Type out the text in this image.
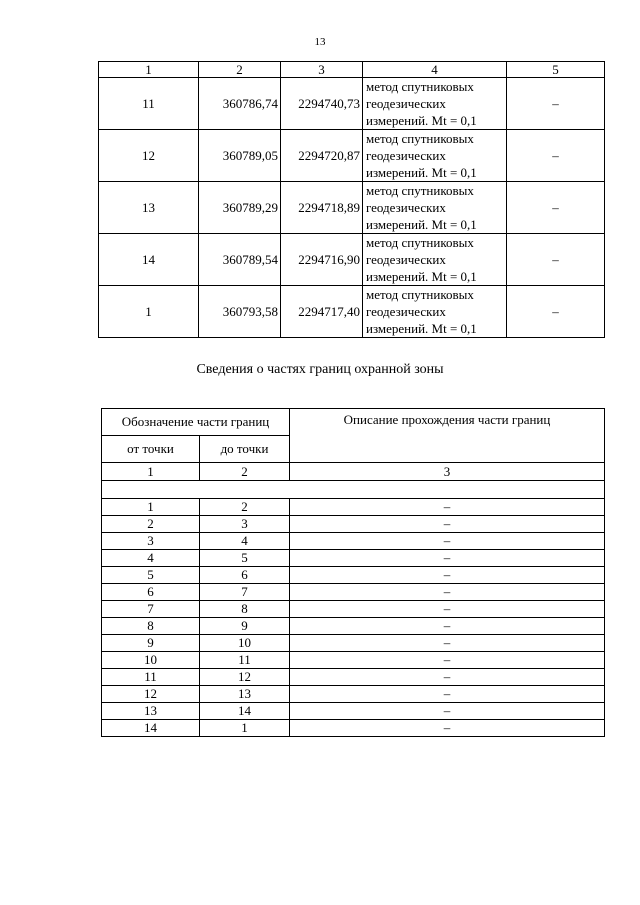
13
1	2	3	4	5
11	360786,74	2294740,73	метод спутниковых
геодезических
измерений. Mt = 0,1	–
12	360789,05	2294720,87	метод спутниковых
геодезических
измерений. Mt = 0,1	–
13	360789,29	2294718,89	метод спутниковых
геодезических
измерений. Mt = 0,1	–
14	360789,54	2294716,90	метод спутниковых
геодезических
измерений. Mt = 0,1	–
1	360793,58	2294717,40	метод спутниковых
геодезических
измерений. Mt = 0,1	–
Сведения о частях границ охранной зоны
Обозначение части границ		Описание прохождения части границ
от точки	до точки	
1	2	3

1	2	–
2	3	–
3	4	–
4	5	–
5	6	–
6	7	–
7	8	–
8	9	–
9	10	–
10	11	–
11	12	–
12	13	–
13	14	–
14	1	–
